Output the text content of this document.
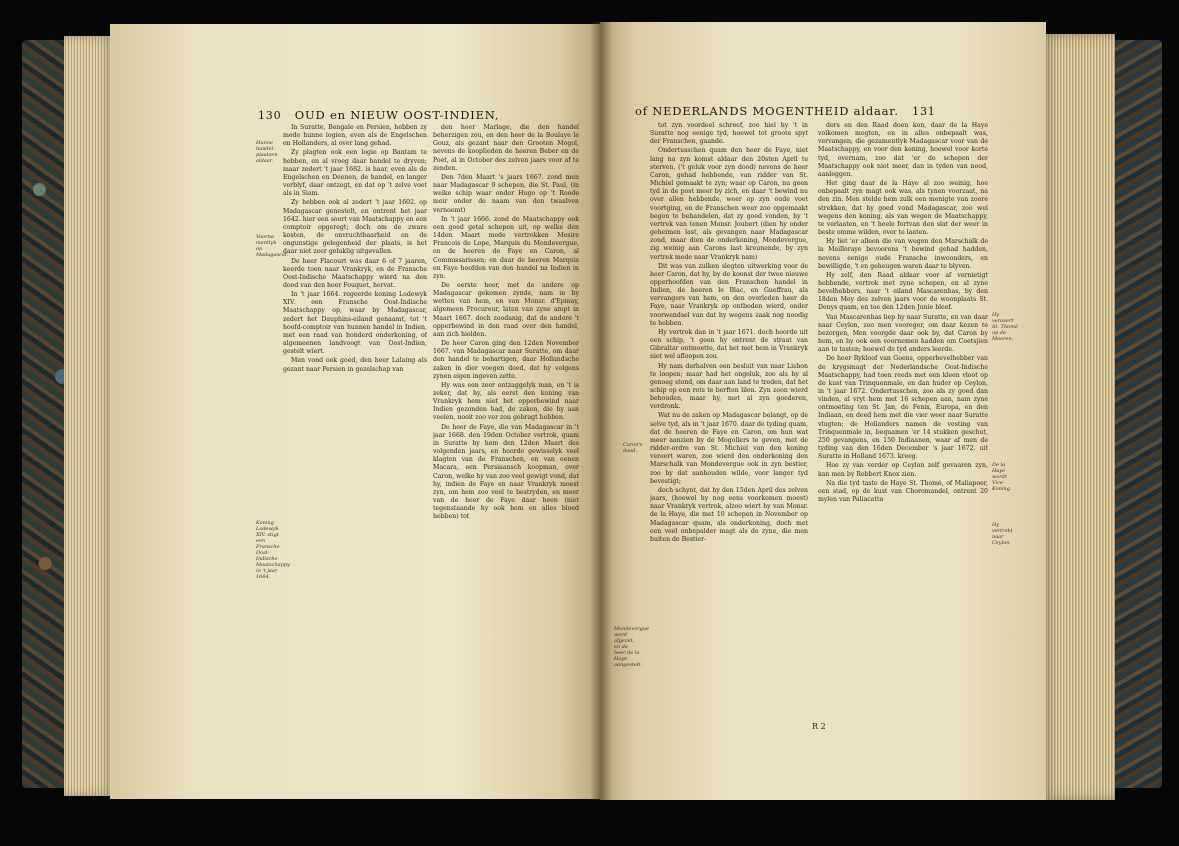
130 OUD en NIEUW OOST-INDIEN,
Hunne handel-plaatzen aldaar.
Voorna-mentlyk op Madagascar.
Koning Lodewyk XIV. stigt een Fransche Oost-Indische Maatschappy in 't jaar 1664.

In Suratte, Bengale en Persien, hebben zy mede hunne logien, even als de Engelschen en Hollanders, al over lang gehad.

Zy plagten ook een logie op Bantam te hebben, en al vroeg daar handel te dryven; maar zedert 't jaar 1682. is haar, even als de Engelschen en Deenen, de handel, en langer verblyf, daar ontzegt, en dat op 't zelve voet als in Siam.

Zy hebben ook al zedert 't jaar 1602. op Madagascar genestelt, en ontrent het jaar 1642. hier een soort van Maatschappy en een comptoir opgeregt; doch om de zware kosten, de onvruchtbaarheid en de ongunstige gelegenheid der plaats, is het daar niet zeer geluklig uitgevallen.

De heer Flacourt was daar 6 of 7 jaaren, keerde toen naar Vrankryk, en de Fransche Oost-Indische Maatschappy wierd na den dood van den heer Fouquet, hervat.

In 't jaar 1664. regeerde koning Lodewyk XIV. een Fransche Oost-Indische Maatschappy op, waar by Madagascar, zedert het Dauphins-eiland genaamt, tot 't hoofd-comptoir van hunnen handel in Indien, met een raad van honderd onderkoning, of algemeenen landvoogt van Oost-Indien, gestelt wiert.

Men vond ook goed, den heer Lalaing als gezant naar Persien in gezelschap van

den heer Marlage, die den handel beherzigen zou, en den heer de la Boulaye le Gouz, als gezant naar den Grooten Mogol, nevens de kooplieden de heeren Beber en de Poet, al in October des zelven jaars voor af te zenden.

Den 7den Maart 's jaars 1667. zond men naar Madagascar 9 schepen, die St. Paul, (in welke schip waar onder Hugo op 't Roode meir onder de naam van den twaalven vernoemt)

In 't jaar 1666. zond de Maatschappy ook een goed getal schepen uit, op welke den 14den Maart mede vertrokken Mesire Francois de Lope, Marquis du Mondevergue, en de heeren de Faye en Caron, al Commissarissen; en daar de heeren Marquis en Faye hoofden van den handel na Indien in zyn.

De eerste heer, met de andere op Madagascar gekomen zynde, nam in by wetten van hem, en van Monsr. d'Epinay, algemeen Procureur, laten van zyne ampt in Maart 1667. doch zoodanig, dat de andere 't opperbewind in den raad over den handel, aan zich hielden.

De heer Caron ging den 12den November 1667. van Madagascar naar Suratte, om daar den handel te behartigen, daar Hollandsche zaken in dier voegen deed, dat hy volgens zynen eigen ingeven zette.

Hy was een zeer ontzaggelyk man, en 't is zeker, dat hy, als eerst den koning van Vrankryk hem niet het opperbewind naar Indien gezonden had, de zaken, die hy aan veelen, nooit zoo ver zou gebragt hebben.

De heer de Faye, die van Madagascar in 't jaar 1668. den 19den October vertrok, quam in Suratte by hem den 12den Maart des volgenden jaars, en hoorde gewisselyk veel klagten van de Franschen, en van eenen Macara, een Persiaansch koopman, over Caron, welke hy van zoo veel gewigt vond, dat hy, indien de Faye en naar Vrankryk moest zyn, om hem zoo veel te bestryden, en meer van de heer de Faye daar heen (niet tegenstaande hy ook hem en alles bloed hebben) tot

of NEDERLANDS MOGENTHEID aldaar. 131
Caron's dood.
Mondevergue word afgezet, en de heer de la Haye aangestelt.
Hy verovert St. Thomé op de Mooren.
De la Haye wordt Vice-Koning.
Hy vertrekt naar Ceylon.

tot zyn voordeel schreef, zoo hiel hy 't in Suratte nog eenige tyd, hoewel tot groote spyt der Franschen, gaande.

Ondertusschen quam den heer de Faye, niet lang na zyn komst aldaar den 20sten April te sterven, ('t geluk voor zyn dood) nevens de heer Caron, gehad hebbende, van ridder van St. Michiel gemaakt te zyn; waar op Caron, nu geen tyd in de post meer by zich, en daar 't bewind nu over allen hebbende, weer op zyn oude voet voortging, en de Franschen weer zoo opgemaakt begon te behandelen, dat zy goed vonden, hy 't vertrek van tenen Monsr. Joubert (dien hy onder geheimen last, als gevangen naar Madagascar zond, maar dien de onderkoning, Mondevergue, zig weinig aan Carons last kreunende, by zyn vertrek mede naar Vrankryk nam)

Dit was van zulken slegten uitwerking voor de heer Caron, dat hy, by de koonst der twee nieuwe opperhoofden van den Franschen handel in Indien, de heeren le Blac, en Gueffrau, als vervangers van hem, en den overleden heer de Faye, naar Vrankryk op ontboden wierd, onder voorwendsel van dat hy wegens zaak nog noodig te hebben.

Hy vertrok dan in 't jaar 1671. doch hoorde uit een schip, 't geen hy ontrent de straat van Gibraltar ontmoette, dat het met hem in Vrankryk niet wel afloopen zou.

Hy nam derhalven een besluit van naar Lisbon te loopen; maar had het ongeluk, zoo als hy al genoeg stond, om daar aan land te treden, dat het schip op een rots te berften lilen. Zyn zoon wierd behouden, maar hy, met al zyn goederen, verdronk.

Wat nu de zaken op Madagascar belangt, op de selve tyd, als in 't jaar 1670. daar de tyding quam, dat de heeren de Faye en Caron, om hun wat meer aanzien by de Mogollers te geven, met de ridder-ordre van St. Michiel van den koning vereert waren, zoo wierd den onderkoning den Marschalk van Mondevergue ook in zyn bestier, zoo hy dat aanhouden wilde, voor langer tyd bevestigt;

doch schynt, dat hy den 15den April des zelven jaars, (hoewel hy nog eens voorkomen moest) naar Vrankryk vertrok, alzoo wiert hy van Monsr. de la Haye, die met 10 schepen in November op Madagascar quam, als onderkoning, doch met een veel onbepalder magt als de zyne, die men buiten de Bestier-

ders en den Raad doen kon, daar de la Haye volkomen mogten, en in alles onbepaalt was, vervangen; die gezamentlyk Madagascar voor van de Maatschappy, en voor den koning, hoewel voor korte tyd, overnam, zoo dat 'er de schepen der Maatschappy ook niet meer, dan in tyden van nood, aanleggen.

Het ging daar de la Haye al zoo weinig, hoe onbepaalt zyn magt ook was, als tynen voorzaat, na den zin. Men stelde hem zulk een menigte van zoore strekken, dat hy goed vond Madagascar, zoo wel wegens den koning, als van wegen de Maatschappy, te verlaaten, en 't heele fortvan den slat der weer in beste omme wilden, over te laaten.

Hy liet 'er alleen die van wegen den Marschalk de la Meilleraye bevoorens 't bewind gehad hadden, nevens eenige oude Fransche inwoonders, en bewilligde, 't en geheugen waren daar te blyven.

Hy zelf, den Raad aldaar voor af vernietigt hebbende, vertrok met zyne schepen, en al zyne bevelhebbers, naar 't eiland Mascarenhas, by den 18den Mey des zelven jaars voor de woonplaats St. Denys quam, en toe den 12den Junie bleef.

Van Mascarenhas liep hy naar Suratte, en van daar naar Ceylon, zoo men vooreger, om daar kezen te bezorgen, Men voorgde daar ook by, dat Caron by hem, en by ook een voornemen hadden om Coetsjien aan te tasten; hoewel de tyd anders leerde.

De heer Rykloof van Goens, opperbevelhebber van de krygsmagt der Nederlandsche Oost-Indische Maatschappy, had toen reeds met een kleen vloot op de kust van Trinquenmale, en dan huder op Ceylon, in 't jaar 1672. Ondertusschen, zoo als zy goed dan vinden, al vryt hem met 16 schepen aan, nam zyne ontmoeting ten St. Jan, de Fenix, Europa, en den Indiaan, en deed hem met die vier weer naar Suratte vlugten; de Hollanders namen de vesting van Trinquenmale in, bequamen 'er 14 stukken geschut, 250 gevangens, en 150 Indiaanen, waar af men de tyding van den 16den December 's jaar 1672. uit Suratte in Holland 1673. kreeg.

Hoe zy van verder op Ceylon zelf gevaaren zyn, kan men by Rebbert Knox zien.

Na die tyd taste de Haye St. Thomé, of Maliapoer, een stad, op de kust van Choromandel, ontrent 20 mylen van Paliacatta

R 2
